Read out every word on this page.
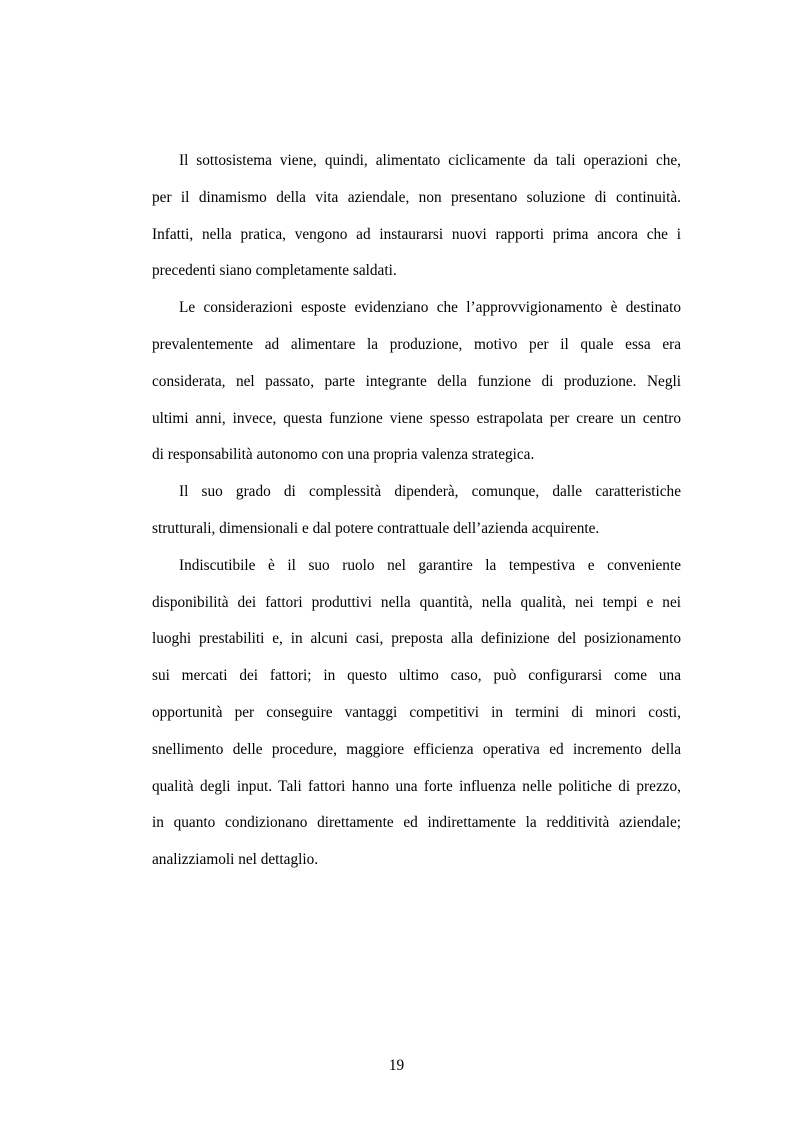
Il sottosistema viene, quindi, alimentato ciclicamente da tali operazioni che,
per il dinamismo della vita aziendale, non presentano soluzione di continuità.
Infatti, nella pratica, vengono ad instaurarsi nuovi rapporti prima ancora che i
precedenti siano completamente saldati.
Le considerazioni esposte evidenziano che l’approvvigionamento è destinato
prevalentemente ad alimentare la produzione, motivo per il quale essa era
considerata, nel passato, parte integrante della funzione di produzione. Negli
ultimi anni, invece, questa funzione viene spesso estrapolata per creare un centro
di responsabilità autonomo con una propria valenza strategica.
Il suo grado di complessità dipenderà, comunque, dalle caratteristiche
strutturali, dimensionali e dal potere contrattuale dell’azienda acquirente.
Indiscutibile è il suo ruolo nel garantire la tempestiva e conveniente
disponibilità dei fattori produttivi nella quantità, nella qualità, nei tempi e nei
luoghi prestabiliti e, in alcuni casi, preposta alla definizione del posizionamento
sui mercati dei fattori; in questo ultimo caso, può configurarsi come una
opportunità per conseguire vantaggi competitivi in termini di minori costi,
snellimento delle procedure, maggiore efficienza operativa ed incremento della
qualità degli input. Tali fattori hanno una forte influenza nelle politiche di prezzo,
in quanto condizionano direttamente ed indirettamente la redditività aziendale;
analizziamoli nel dettaglio.
19
